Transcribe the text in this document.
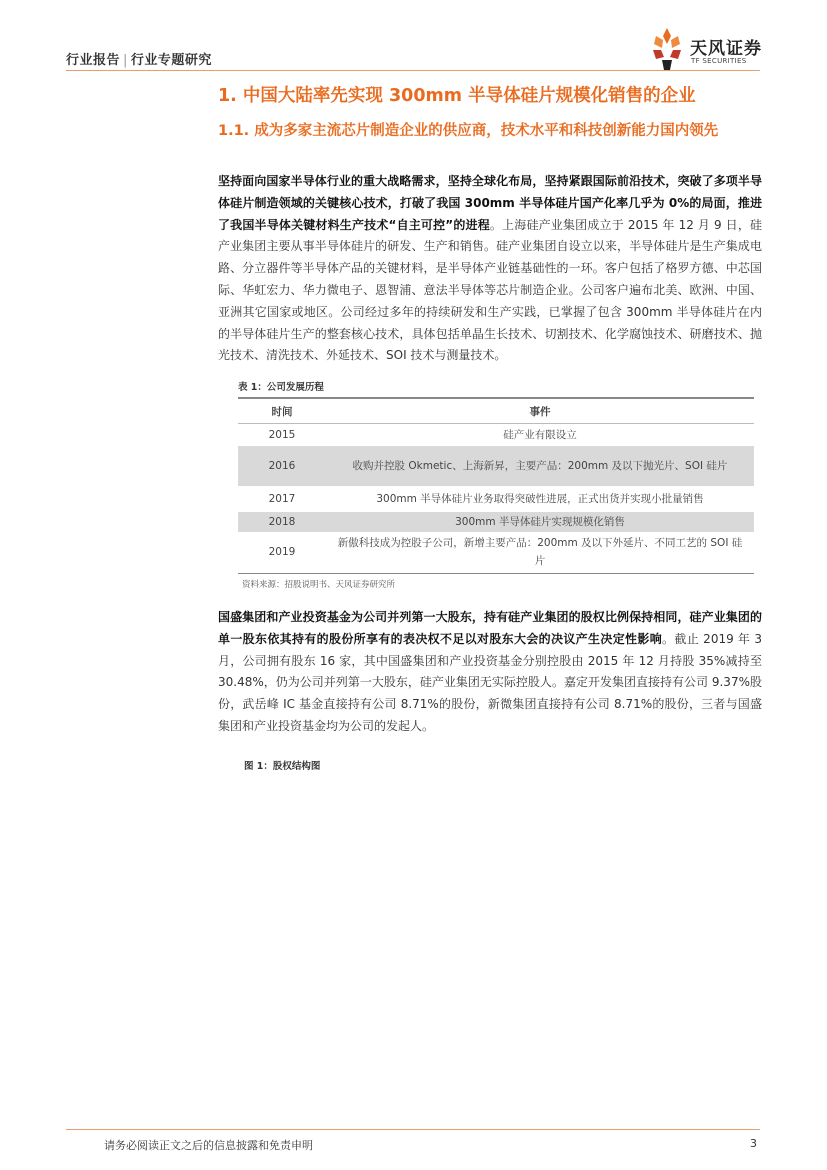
行业报告 | 行业专题研究
天风证券
TF SECURITIES
1. 中国大陆率先实现 300mm 半导体硅片规模化销售的企业
1.1. 成为多家主流芯片制造企业的供应商，技术水平和科技创新能力国内领先
坚持面向国家半导体行业的重大战略需求，坚持全球化布局，坚持紧跟国际前沿技术，突破了多项半导体硅片制造领域的关键核心技术，打破了我国 300mm 半导体硅片国产化率几乎为 0%的局面，推进了我国半导体关键材料生产技术“自主可控”的进程。上海硅产业集团成立于 2015 年 12 月 9 日，硅产业集团主要从事半导体硅片的研发、生产和销售。硅产业集团自设立以来，半导体硅片是生产集成电路、分立器件等半导体产品的关键材料，是半导体产业链基础性的一环。客户包括了格罗方德、中芯国际、华虹宏力、华力微电子、恩智浦、意法半导体等芯片制造企业。公司客户遍布北美、欧洲、中国、亚洲其它国家或地区。公司经过多年的持续研发和生产实践，已掌握了包含 300mm 半导体硅片在内的半导体硅片生产的整套核心技术，具体包括单晶生长技术、切割技术、化学腐蚀技术、研磨技术、抛光技术、清洗技术、外延技术、SOI 技术与测量技术。
表 1：公司发展历程
时间	事件
2015	硅产业有限设立
2016	收购并控股 Okmetic、上海新昇，主要产品：200mm 及以下抛光片、SOI 硅片
2017	300mm 半导体硅片业务取得突破性进展，正式出货并实现小批量销售
2018	300mm 半导体硅片实现规模化销售
2019	新傲科技成为控股子公司，新增主要产品：200mm 及以下外延片、不同工艺的 SOI 硅片
资料来源：招股说明书、天风证券研究所
国盛集团和产业投资基金为公司并列第一大股东，持有硅产业集团的股权比例保持相同，硅产业集团的单一股东依其持有的股份所享有的表决权不足以对股东大会的决议产生决定性影响。截止 2019 年 3 月，公司拥有股东 16 家，其中国盛集团和产业投资基金分别控股由 2015 年 12 月持股 35%减持至 30.48%，仍为公司并列第一大股东，硅产业集团无实际控股人。嘉定开发集团直接持有公司 9.37%股份，武岳峰 IC 基金直接持有公司 8.71%的股份，新微集团直接持有公司 8.71%的股份，三者与国盛集团和产业投资基金均为公司的发起人。
图 1：股权结构图
请务必阅读正文之后的信息披露和免责申明	3
